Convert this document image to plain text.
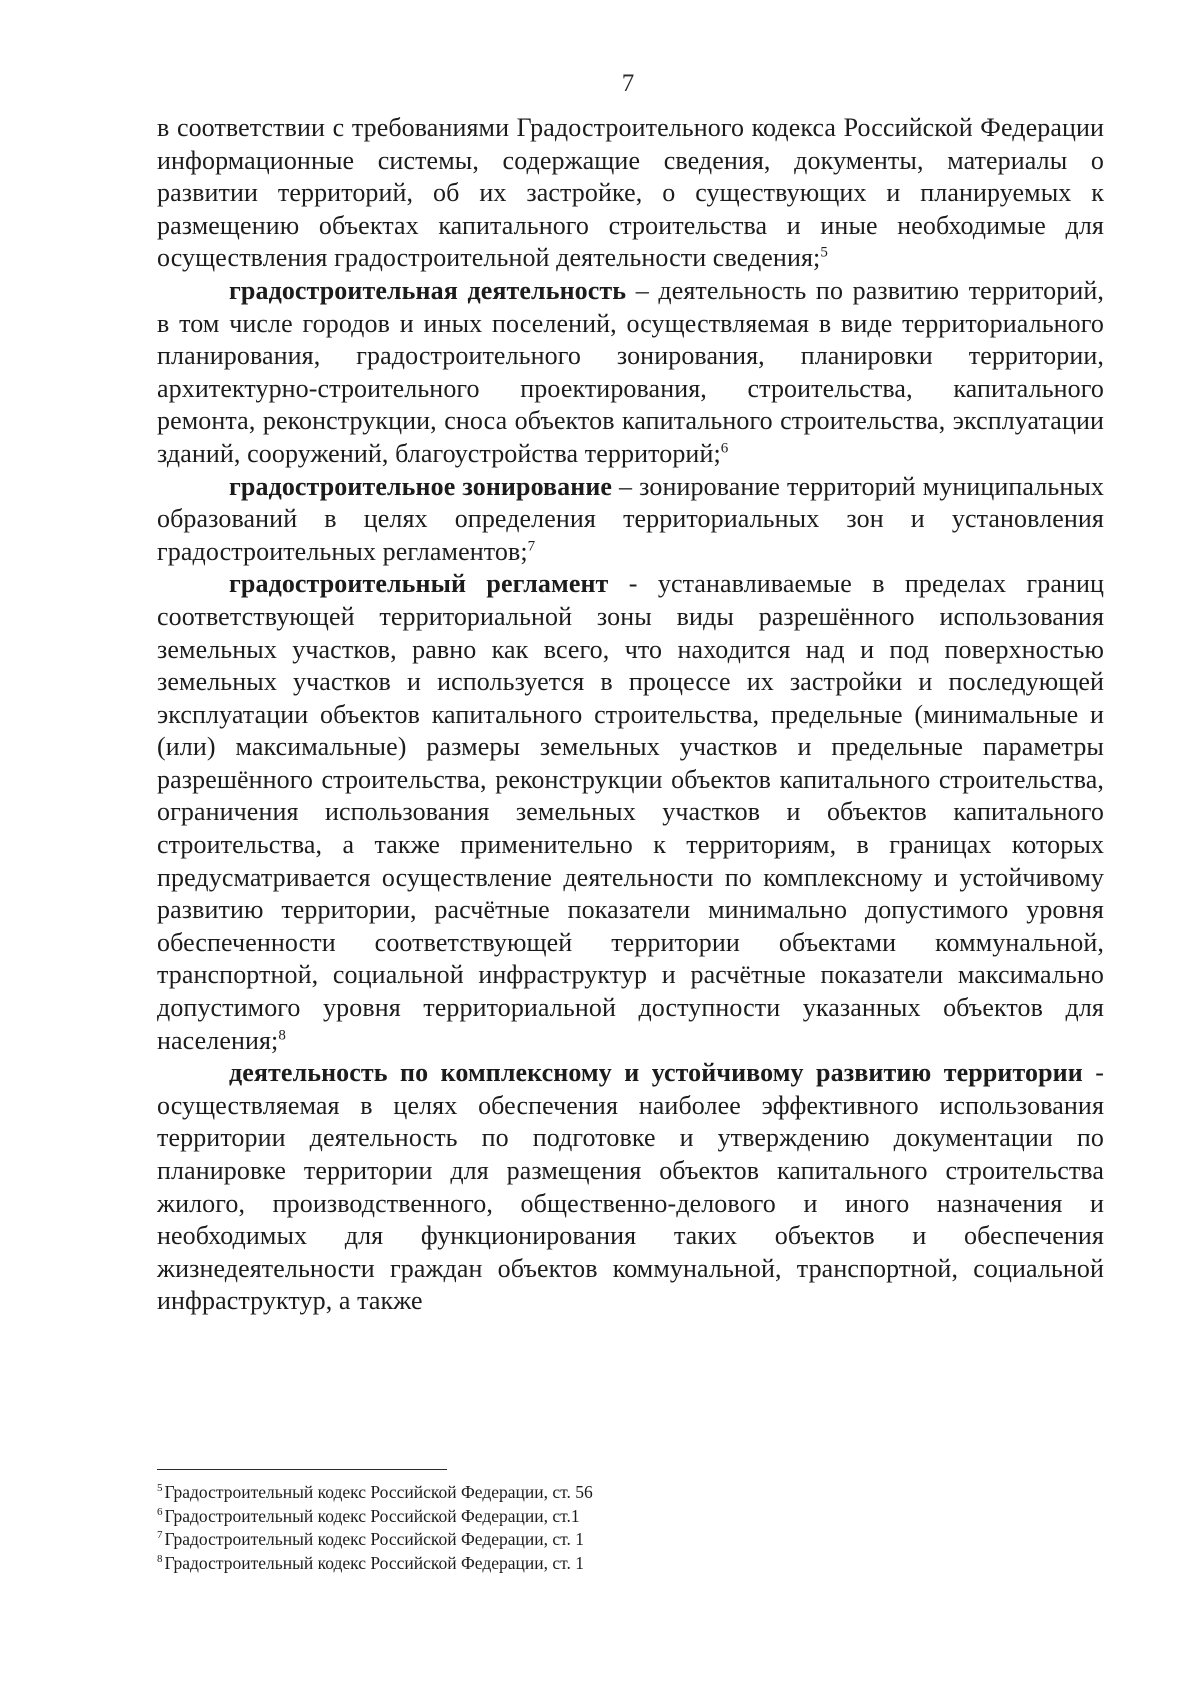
7

в соответствии с требованиями Градостроительного кодекса Российской Федерации информационные системы, содержащие сведения, документы, материалы о развитии территорий, об их застройке, о существующих и планируемых к размещению объектах капитального строительства и иные необходимые для осуществления градостроительной деятельности сведения;$^5$

градостроительная деятельность – деятельность по развитию территорий, в том числе городов и иных поселений, осуществляемая в виде территориального планирования, градостроительного зонирования, планировки территории, архитектурно-строительного проектирования, строительства, капитального ремонта, реконструкции, сноса объектов капитального строительства, эксплуатации зданий, сооружений, благоустройства территорий;$^6$

градостроительное зонирование – зонирование территорий муниципальных образований в целях определения территориальных зон и установления градостроительных регламентов;$^7$

градостроительный регламент - устанавливаемые в пределах границ соответствующей территориальной зоны виды разрешённого использования земельных участков, равно как всего, что находится над и под поверхностью земельных участков и используется в процессе их застройки и последующей эксплуатации объектов капитального строительства, предельные (минимальные и (или) максимальные) размеры земельных участков и предельные параметры разрешённого строительства, реконструкции объектов капитального строительства, ограничения использования земельных участков и объектов капитального строительства, а также применительно к территориям, в границах которых предусматривается осуществление деятельности по комплексному и устойчивому развитию территории, расчётные показатели минимально допустимого уровня обеспеченности соответствующей территории объектами коммунальной, транспортной, социальной инфраструктур и расчётные показатели максимально допустимого уровня территориальной доступности указанных объектов для населения;$^8$

деятельность по комплексному и устойчивому развитию территории - осуществляемая в целях обеспечения наиболее эффективного использования территории деятельность по подготовке и утверждению документации по планировке территории для размещения объектов капитального строительства жилого, производственного, общественно-делового и иного назначения и необходимых для функционирования таких объектов и обеспечения жизнедеятельности граждан объектов коммунальной, транспортной, социальной инфраструктур, а также

$^5$ Градостроительный кодекс Российской Федерации, ст. 56

$^6$ Градостроительный кодекс Российской Федерации, ст.1

$^7$ Градостроительный кодекс Российской Федерации, ст. 1

$^8$ Градостроительный кодекс Российской Федерации, ст. 1
